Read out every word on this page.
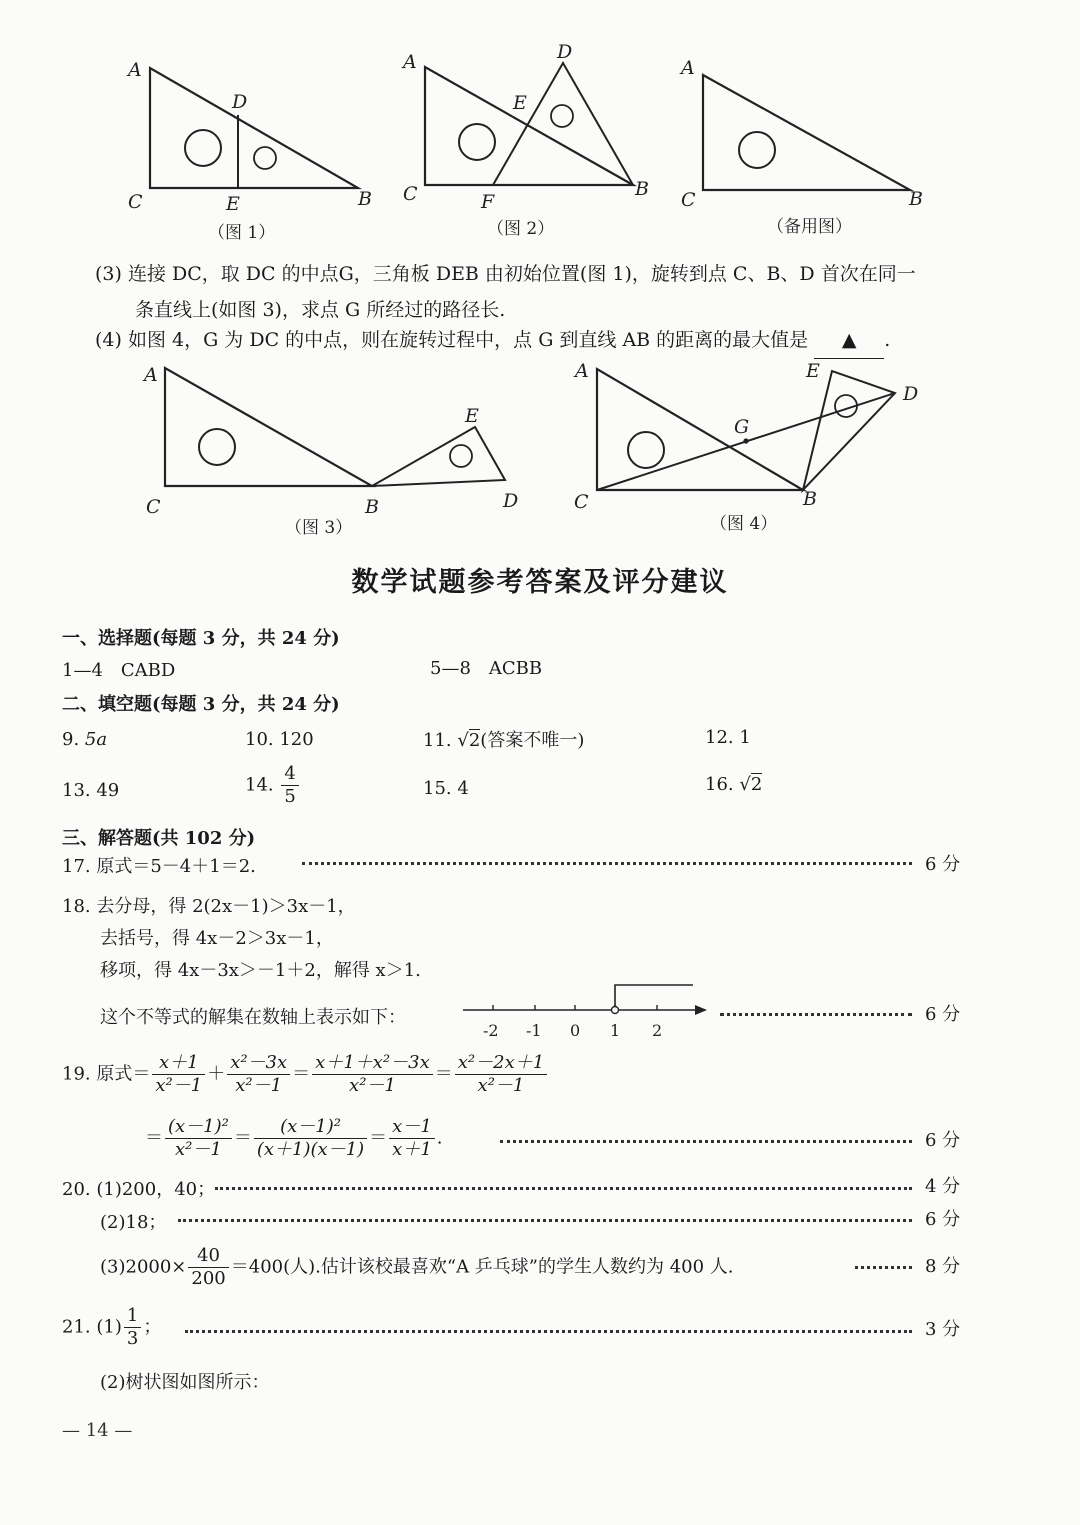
A
D
C	E	B
（图 1）
A	D
E
C	F
B
（图 2）
A
C	B
（备用图）
(3) 连接 DC，取 DC 的中点G，三角板 DEB 由初始位置(图 1)，旋转到点 C、B、D 首次在同一
条直线上(如图 3)，求点 G 所经过的路径长.
(4) 如图 4，G 为 DC 的中点，则在旋转过程中，点 G 到直线 AB 的距离的最大值是 ▲ .
A
E
C	B	D
（图 3）
A	E
D
G
C	B
（图 4）
数学试题参考答案及评分建议
一、选择题(每题 3 分，共 24 分)
1—4　CABD	5—8　ACBB
二、填空题(每题 3 分，共 24 分)
9. 5a	10. 120	11. √2(答案不唯一)	12. 1
13. 49	14. $\frac{4}{5}$	15. 4	16. √2
三、解答题(共 102 分)
17. 原式＝5－4＋1＝2.	6 分
18. 去分母，得 2(2x－1)＞3x－1，
去括号，得 4x－2＞3x－1，
移项，得 4x－3x＞－1＋2，解得 x＞1.
这个不等式的解集在数轴上表示如下：
-2 -1 0 1 2
6 分
19. 原式＝ $\frac{x+1}{\text{x²－1}} + \frac{\text{x²－3x}}{\text{x²－1}} = \frac{\text{x＋1＋x²－3x}}{\text{x²－1}} = \frac{\text{x²－2x＋1}}{\text{x²－1}}$
＝ $\frac{\text{(x－1)²}}{\text{x²－1}} = \frac{\text{(x－1)²}}{(x+1)(x-1)} = \frac{x-1}{x+1}$ .	6 分
20. (1)200，40；	4 分
(2)18；	6 分
$(3)2000\times \frac{40}{200} =400$(人).估计该校最喜欢“A 乒乓球”的学生人数约为 400 人.	8 分
21. $(1) \frac{1}{3}$ ；	3 分
(2)树状图如图所示：
— 14 —
